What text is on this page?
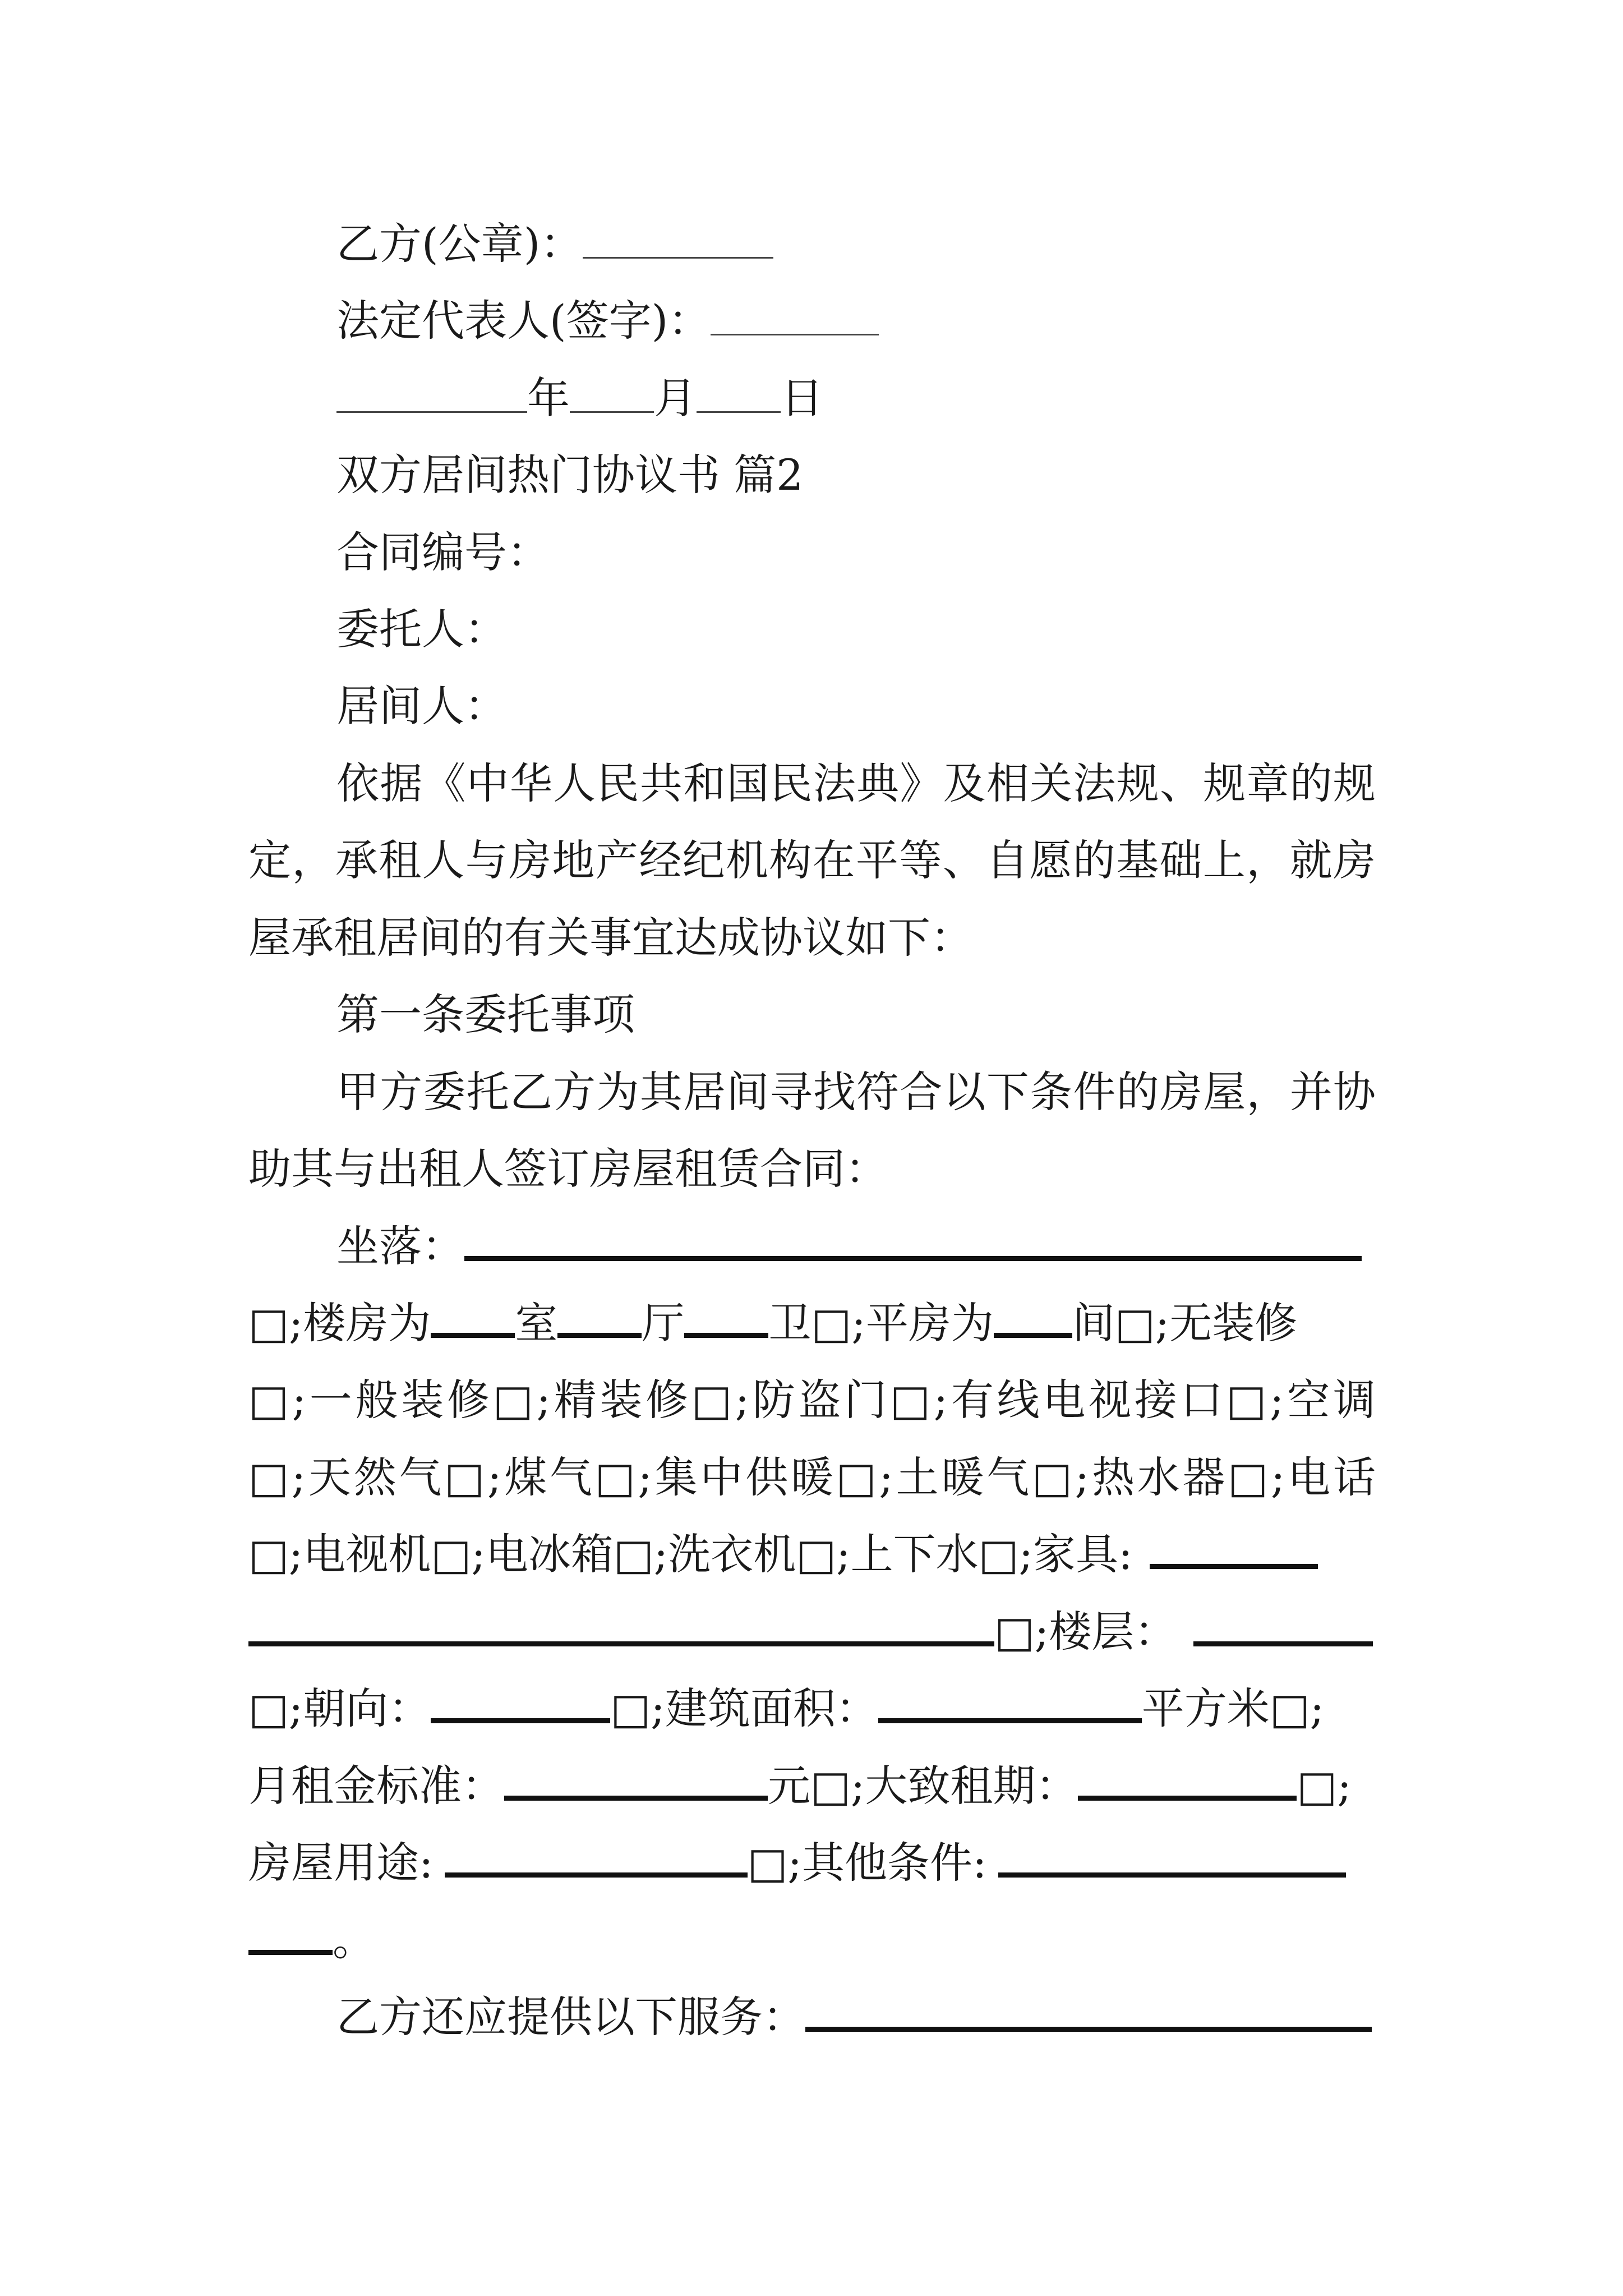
乙方(公章)：
法定代表人(签字)：
年 月 日
双方居间热门协议书 篇2
合同编号：
委托人：
居间人：
依据《中华人民共和国民法典》及相关法规、规章的规
定，承租人与房地产经纪机构在平等、自愿的基础上，就房
屋承租居间的有关事宜达成协议如下：
第一条委托事项
甲方委托乙方为其居间寻找符合以下条件的房屋，并协
助其与出租人签订房屋租赁合同：
坐落：
□;楼房为 室 厅 卫□;平房为 间□;无装修
□;一般装修□;精装修□;防盗门□;有线电视接口□;空调
□;天然气□;煤气□;集中供暖□;土暖气□;热水器□;电话
□;电视机□;电冰箱□;洗衣机□;上下水□;家具:
□;楼层：
□;朝向：	□;建筑面积：	平方米□;
月租金标准：	元□;大致租期：	□;
房屋用途:	□;其他条件:
。
乙方还应提供以下服务：
